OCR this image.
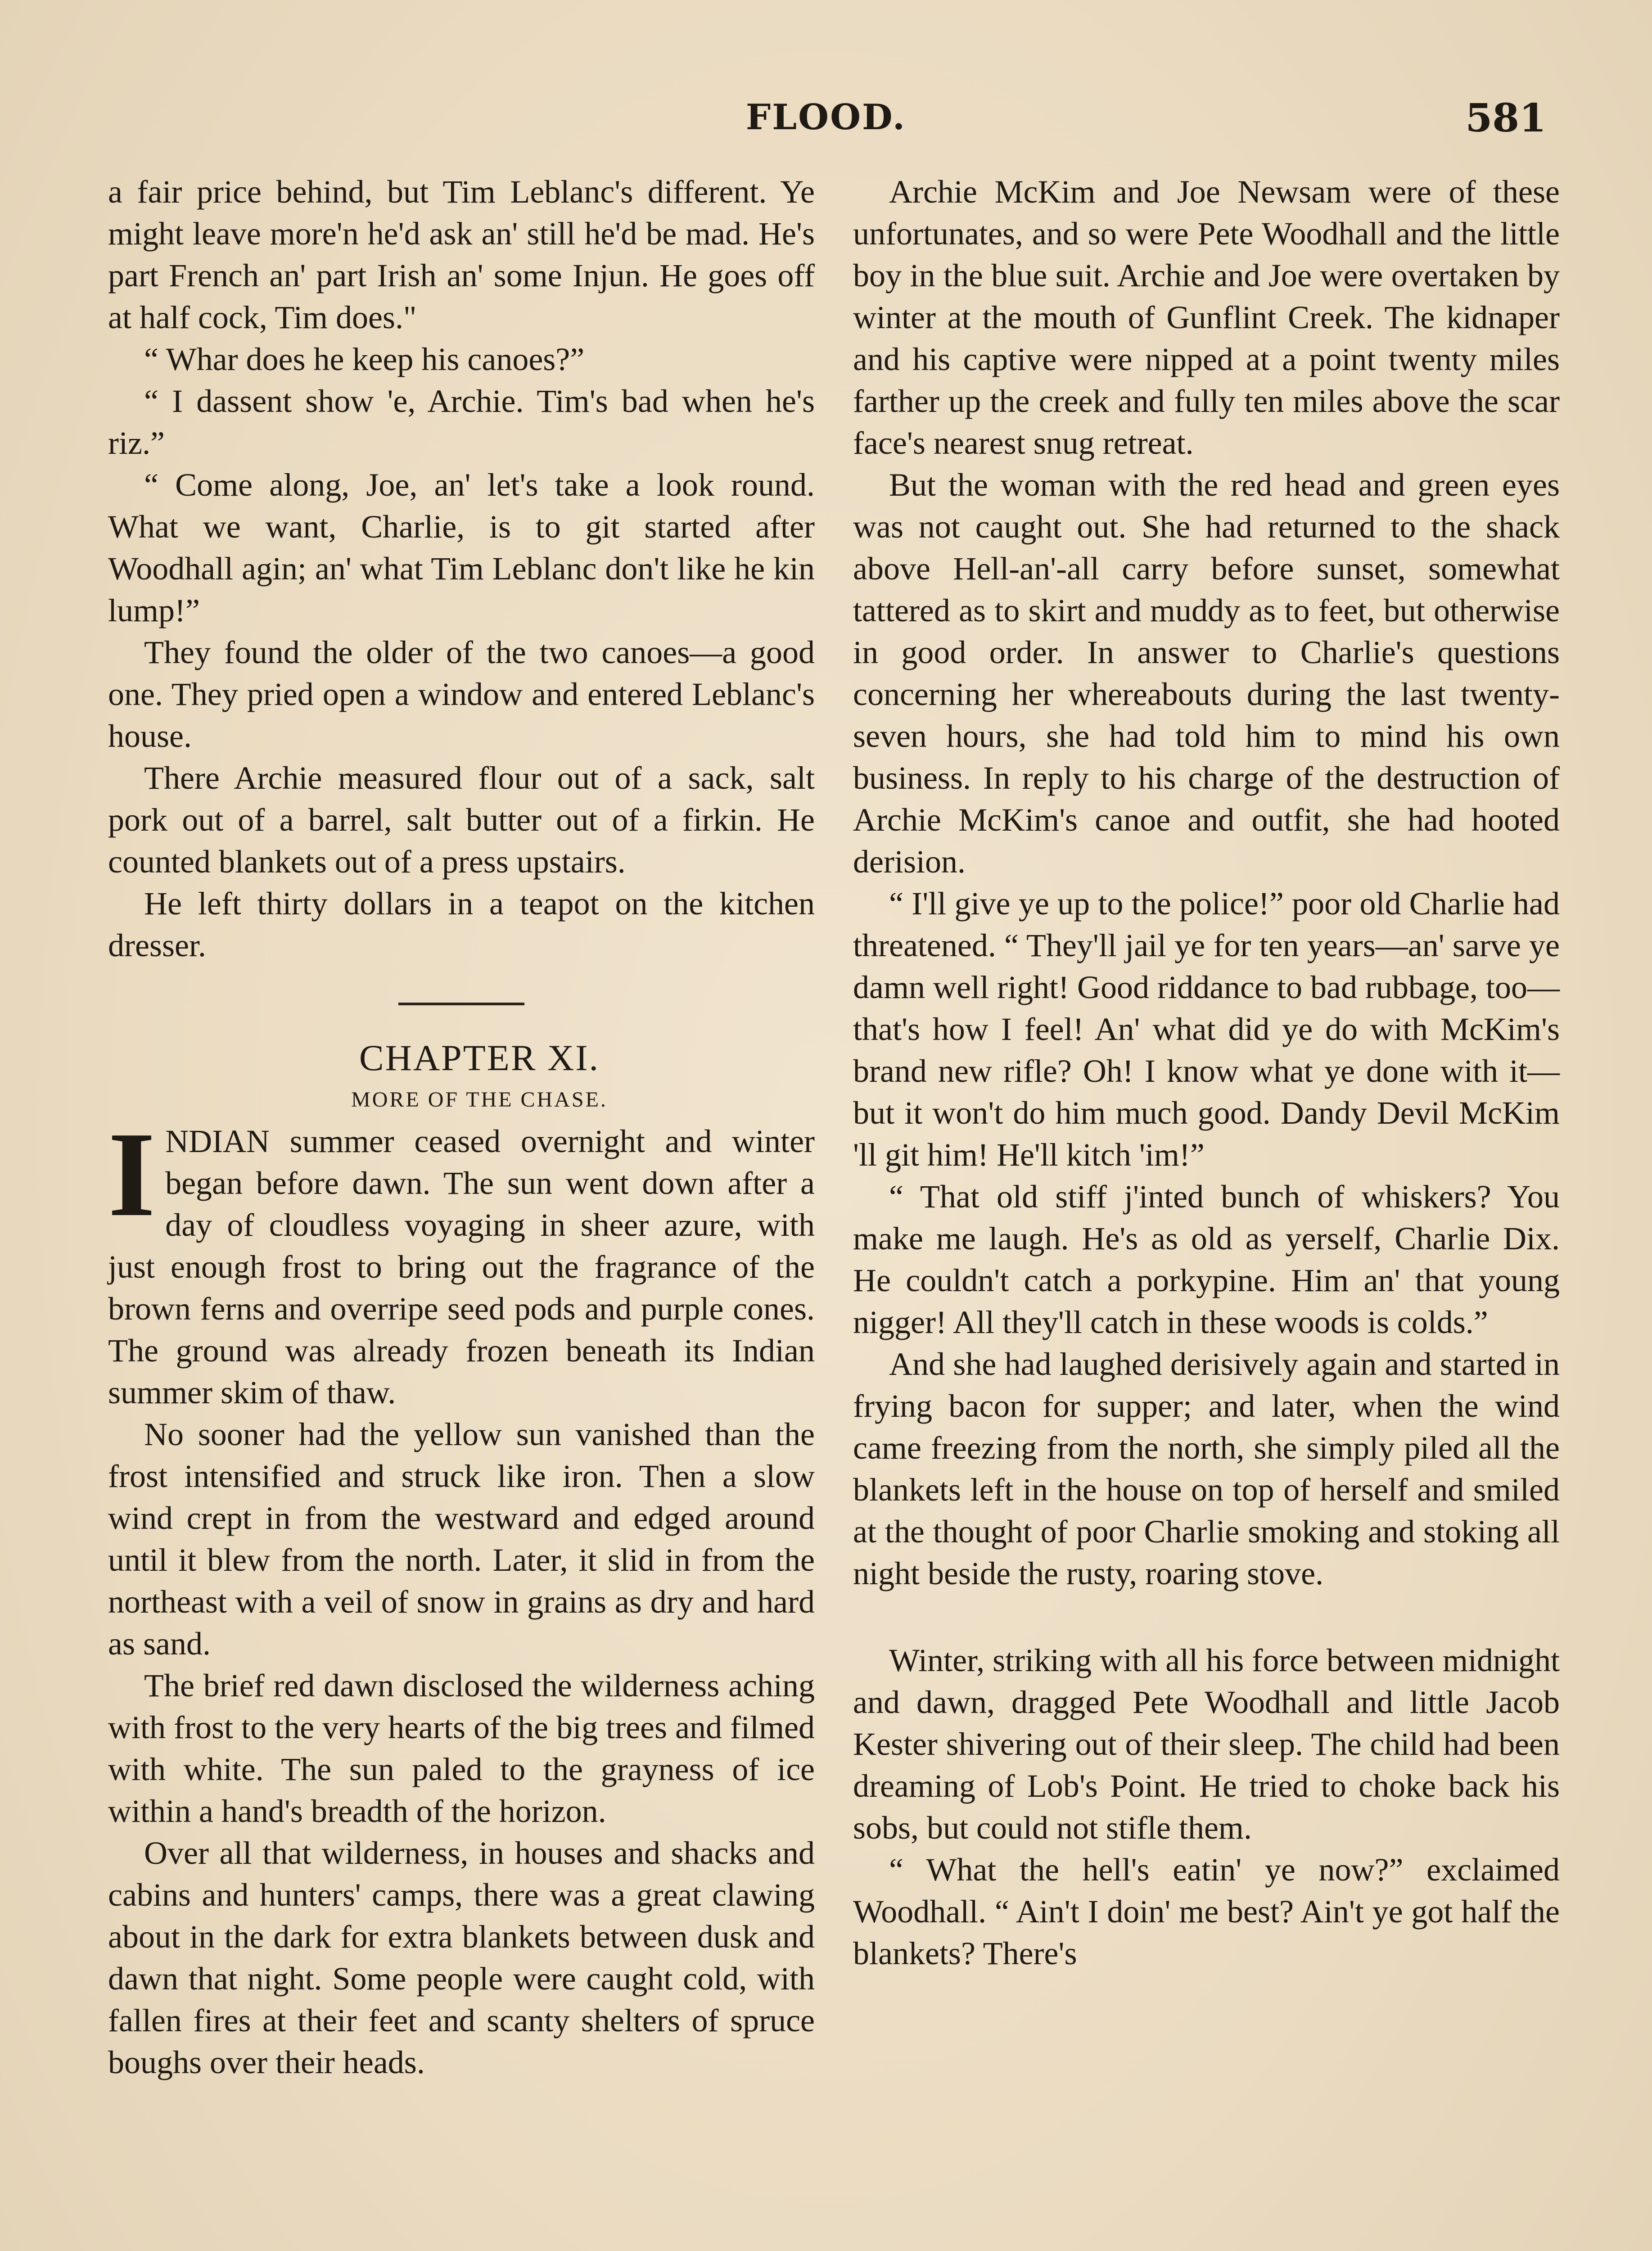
FLOOD.	581

a fair price behind, but Tim Leblanc's different. Ye might leave more'n he'd ask an' still he'd be mad. He's part French an' part Irish an' some Injun. He goes off at half cock, Tim does."

“ Whar does he keep his canoes?”

“ I dassent show 'e, Archie. Tim's bad when he's riz.”

“ Come along, Joe, an' let's take a look round. What we want, Charlie, is to git started after Woodhall agin; an' what Tim Leblanc don't like he kin lump!”

They found the older of the two canoes—a good one. They pried open a window and entered Leblanc's house.

There Archie measured flour out of a sack, salt pork out of a barrel, salt butter out of a firkin. He counted blankets out of a press upstairs.

He left thirty dollars in a teapot on the kitchen dresser.

CHAPTER XI.

MORE OF THE CHASE.

I NDIAN summer ceased overnight and winter began before dawn. The sun went down after a day of cloudless voyaging in sheer azure, with just enough frost to bring out the fragrance of the brown ferns and overripe seed pods and purple cones. The ground was already frozen beneath its Indian summer skim of thaw.

No sooner had the yellow sun vanished than the frost intensified and struck like iron. Then a slow wind crept in from the westward and edged around until it blew from the north. Later, it slid in from the northeast with a veil of snow in grains as dry and hard as sand.

The brief red dawn disclosed the wilderness aching with frost to the very hearts of the big trees and filmed with white. The sun paled to the grayness of ice within a hand's breadth of the horizon.

Over all that wilderness, in houses and shacks and cabins and hunters' camps, there was a great clawing about in the dark for extra blankets between dusk and dawn that night. Some people were caught cold, with fallen fires at their feet and scanty shelters of spruce boughs over their heads.

Archie McKim and Joe Newsam were of these unfortunates, and so were Pete Woodhall and the little boy in the blue suit. Archie and Joe were overtaken by winter at the mouth of Gunflint Creek. The kidnaper and his captive were nipped at a point twenty miles farther up the creek and fully ten miles above the scar face's nearest snug retreat.

But the woman with the red head and green eyes was not caught out. She had returned to the shack above Hell-an'-all carry before sunset, somewhat tattered as to skirt and muddy as to feet, but otherwise in good order. In answer to Charlie's questions concerning her whereabouts during the last twenty-seven hours, she had told him to mind his own business. In reply to his charge of the destruction of Archie McKim's canoe and outfit, she had hooted derision.

“ I'll give ye up to the police!” poor old Charlie had threatened. “ They'll jail ye for ten years—an' sarve ye damn well right! Good riddance to bad rubbage, too—that's how I feel! An' what did ye do with McKim's brand new rifle? Oh! I know what ye done with it—but it won't do him much good. Dandy Devil McKim 'll git him! He'll kitch 'im!”

“ That old stiff j'inted bunch of whiskers? You make me laugh. He's as old as yerself, Charlie Dix. He couldn't catch a porkypine. Him an' that young nigger! All they'll catch in these woods is colds.”

And she had laughed derisively again and started in frying bacon for supper; and later, when the wind came freezing from the north, she simply piled all the blankets left in the house on top of herself and smiled at the thought of poor Charlie smoking and stoking all night beside the rusty, roaring stove.

Winter, striking with all his force between midnight and dawn, dragged Pete Woodhall and little Jacob Kester shivering out of their sleep. The child had been dreaming of Lob's Point. He tried to choke back his sobs, but could not stifle them.

“ What the hell's eatin' ye now?” exclaimed Woodhall. “ Ain't I doin' me best? Ain't ye got half the blankets? There's
